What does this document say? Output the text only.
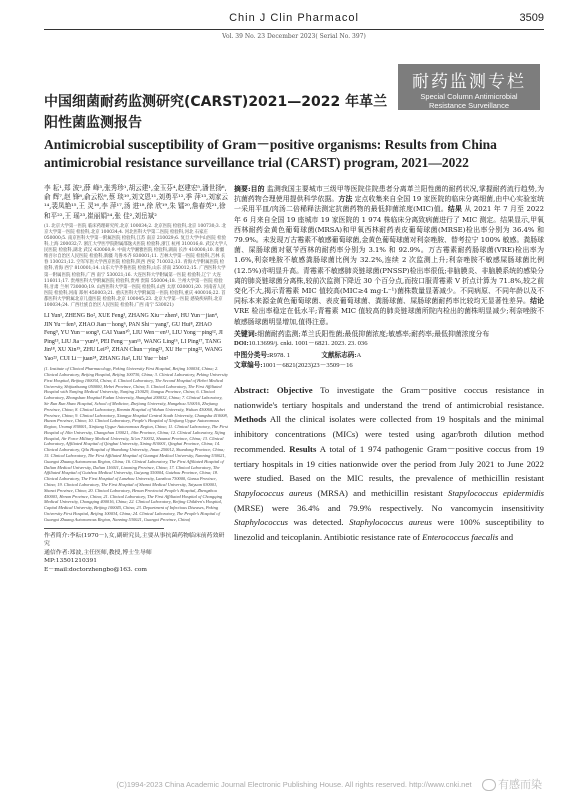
Chin J Clin Pharmacol	3509
Vol. 39 No. 23 December 2023( Serial No. 397)
耐药监测专栏
Special Column Antimicrobial
Resistance Surveillance
中国细菌耐药监测研究(CARST)2021—2022 年革兰阳性菌监测报告
Antimicrobial susceptibility of Gram－positive organisms: Results from China antimicrobial resistance surveillance trial (CARST) program, 2021—2022
李 耘¹,郑 波²,薛 峰³,张秀珍¹,胡云建¹,金玉芬⁴,赵建宏⁵,潘世扬⁶,俞 辉⁷,赵 锋⁸,俞云松⁹,蔡 琰¹⁰,刘文恩¹¹,刘勇平¹²,季 萍¹³,刘家云¹⁴,裴凤艳¹⁵,王 灵¹⁶,李 萍¹⁷,汤 进¹⁸,徐 欣¹⁹,朱 镭²⁰,詹春英²¹,徐和平²²,王 瑶²³,崔丽娟²⁴,张 佳²,刘岳斌²
(1. 北京大学第一医院 临床药理研究所,北京 100034;2. 北京医院 检验科,北京 100730;3. 北京大学第一医院 检验科,北京 100034;4. 河北医科大学第二医院 检验科,河北 石家庄 050000;5. 南京医科大学第一附属医院 检验科,江苏 南京 210029;6. 复旦大学中山医院 检验科,上海 200032;7. 浙江大学医学院附属邵逸夫医院 检验科,浙江 杭州 310016;8. 武汉大学人民医院 检验科,湖北 武汉 430060;9. 中南大学湘雅医院 检验科,湖南 长沙 410008;10. 新疆维吾尔自治区人民医院 检验科,新疆 乌鲁木齐 830001;11. 吉林大学第一医院 检验科,吉林 长春 130021;12. 空军军医大学西京医院 检验科,陕西 西安 710032;13. 青海大学附属医院 检验科,青海 西宁 810001;14. 山东大学齐鲁医院 检验科,山东 济南 250012;15. 广西医科大学第一附属医院 检验科,广西 南宁 530021;16. 大连医科大学附属第一医院 检验科,辽宁 大连 116011;17. 贵州医科大学附属医院 检验科,贵州 贵阳 550004;18. 兰州大学第一医院 检验科,甘肃 兰州 730000;19. 山西医科大学第一医院 检验科,山西 太原 030001;20. 河南省人民医院 检验科,河南 郑州 450003;21. 重庆医科大学附属第一医院 检验科,重庆 400016;22. 首都医科大学附属北京儿童医院 检验科,北京 100045;23. 北京大学第一医院 感染疾病科,北京 100034;24. 广西壮族自治区人民医院 检验科,广西 南宁 530021)
LI Yun¹, ZHENG Bo², XUE Feng³, ZHANG Xiu－zhen¹, HU Yun－jian⁴, JIN Yu－fen⁵, ZHAO Jian－hong⁶, PAN Shi－yang⁷, GU Hui⁸, ZHAO Feng⁹, YU Yun－song⁹, CAI Yuan¹⁰, LIU Wen－en¹¹, LIU Yong－ping¹², JI Ping¹³, LIU Jia－yun¹⁴, PEI Feng－yan¹⁵, WANG Ling¹⁶, LI Ping¹⁷, TANG Jin¹⁸, XU Xin¹⁹, ZHU Lei²⁰, ZHAN Chun－ying²¹, XU He－ping²², WANG Yao²³, CUI Li－juan²⁴, ZHANG Jia², LIU Yue－bin²
(1. Institute of Clinical Pharmacology, Peking University First Hospital, Beijing 100034, China; 2. Clinical Laboratory, Beijing Hospital, Beijing 100730, China; 3. Clinical Laboratory, Peking University First Hospital, Beijing 100034, China; 4. Clinical Laboratory, The Second Hospital of Hebei Medical University, Shijiazhuang 050000, Hebei Province, China; 5. Clinical Laboratory, The First Affiliated Hospital with Nanjing Medical University, Nanjing 210029, Jiangsu Province, China; 6. Clinical Laboratory, Zhongshan Hospital Fudan University, Shanghai 200032, China; 7. Clinical Laboratory, Sir Run Run Shaw Hospital, School of Medicine, Zhejiang University, Hangzhou 310016, Zhejiang Province, China; 8. Clinical Laboratory, Renmin Hospital of Wuhan University, Wuhan 430060, Hubei Province, China; 9. Clinical Laboratory, Xiangya Hospital Central South University, Changsha 410008, Hunan Province, China; 10. Clinical Laboratory, People's Hospital of Xinjiang Uygur Autonomous Region, Urumqi 830001, Xinjiang Uygur Autonomous Region, China; 11. Clinical Laboratory, The First Hospital of Jilin University, Changchun 130021, Jilin Province, China; 12. Clinical Laboratory, Xijing Hospital, Air Force Military Medical University, Xi'an 710032, Shaanxi Province, China; 13. Clinical Laboratory, Affiliated Hospital of Qinghai University, Xining 810001, Qinghai Province, China; 14. Clinical Laboratory, Qilu Hospital of Shandong University, Jinan 250012, Shandong Province, China; 15. Clinical Laboratory, The First Affiliated Hospital of Guangxi Medical University, Nanning 530021, Guangxi Zhuang Autonomous Region, China; 16. Clinical Laboratory, The First Affiliated Hospital of Dalian Medical University, Dalian 116011, Liaoning Province, China; 17. Clinical Laboratory, The Affiliated Hospital of Guizhou Medical University, Guiyang 550004, Guizhou Province, China; 18. Clinical Laboratory, The First Hospital of Lanzhou University, Lanzhou 730000, Gansu Province, China; 19. Clinical Laboratory, The First Hospital of Shanxi Medical University, Taiyuan 030001, Shanxi Province, China; 20. Clinical Laboratory, Henan Provincial People's Hospital, Zhengzhou 450003, Henan Province, China; 21. Clinical Laboratory, The First Affiliated Hospital of Chongqing Medical University, Chongqing 400016, China; 22. Clinical Laboratory, Beijing Children's Hospital, Capital Medical University, Beijing 100045, China; 23. Department of Infectious Diseases, Peking University First Hospital, Beijing 100034, China; 24. Clinical Laboratory, The People's Hospital of Guangxi Zhuang Autonomous Region, Nanning 530021, Guangxi Province, China)
作者简介:李耘(1970－),女,副研究员,主要从事抗菌药物临床前药效研究
通信作者:郑波,主任医师,教授,博士生导师
MP:13501210391
E－mail:doctorzhengbo@163. com
摘要:目的 监测我国主要城市三级甲等医院住院患者分离革兰阳性菌的耐药状况,掌握耐药流行趋势,为抗菌药物合理使用提供科学依据。方法 定点收集来自全国 19 家医院的临床分离细菌,由中心实验室统一采用平皿/肉汤二倍稀释法测定抗菌药物的最低抑菌浓度(MIC)值。结果 从 2021 年 7 月至 2022 年 6 月来自全国 19 座城市 19 家医院的 1 974 株临床分离致病菌进行了 MIC 测定。结果显示,甲氧西林耐药金黄色葡萄球菌(MRSA)和甲氧西林耐药表皮葡萄球菌(MRSE)检出率分别为 36.4% 和 79.9%。未发现万古霉素不敏感葡萄球菌,金黄色葡萄球菌对利奈唑胺、替考拉宁 100% 敏感。粪肠球菌、屎肠球菌对氨苄西林的耐药率分别为 3.1% 和 92.9%。万古霉素耐药肠球菌(VRE)检出率为 1.6%,利奈唑胺不敏感粪肠球菌比例为 32.2%,连续 2 次监测上升;利奈唑胺不敏感屎肠球菌比例(12.5%)亦明显升高。青霉素不敏感肺炎链球菌(PNSSP)检出率很低;非脑膜炎、非脑膜系统的感染分离的肺炎链球菌分离株,较前次监测下降近 30 个百分点,而按口服青霉素 V 折点计算为 71.8%,较之前变化不大,揭示青霉素 MIC 值较高(MIC≥4 mg·L⁻¹)菌株数量显著减少。不同病原、不同年龄以及不同标本来源金黄色葡萄球菌、表皮葡萄球菌、粪肠球菌、屎肠球菌耐药率比较均无显著性差异。结论 VRE 检出率稳定在低水平;青霉素 MIC 值较高的肺炎链球菌所院内检出的菌株明显减少;利奈唑胺不敏感肠球菌明显增加,值得注意。
关键词:细菌耐药监测;革兰氏阳性菌;最低抑菌浓度;敏感率;耐药率;最低抑菌浓度分布
DOI:10.13699/j. cnki. 1001－6821. 2023. 23. 036
中图分类号:R978. 1	文献标志码:A
文章编号:1001－6821(2023)23－3509－16
Abstract: Objective To investigate the Gram－positive coccus resistance in nationwide's tertiary hospitals and understand the trend of antimicrobial resistance. Methods All the clinical isolates were collected from 19 hospitals and the minimal inhibitory concentrations (MICs) were tested using agar/broth dilution method recommended. Results A total of 1 974 pathogenic Gram－positive coccus from 19 tertiary hospitals in 19 cities nationwide over the period from July 2021 to June 2022 were studied. Based on the MIC results, the prevalence of methicillin resistant Stapylococcus aureus (MRSA) and methicillin resistant Stapylococcus epidermidis (MRSE) were 36.4% and 79.9% respectively. No vancomycin insensitivity Staphylococcus was detected. Staphylococcus aureus were 100% susceptibility to linezolid and teicoplanin. Antibiotic resistance rate of Enterococcus faecalis and
(C)1994-2023 China Academic Journal Electronic Publishing House. All rights reserved. http://www.cnki.net	有感而染
